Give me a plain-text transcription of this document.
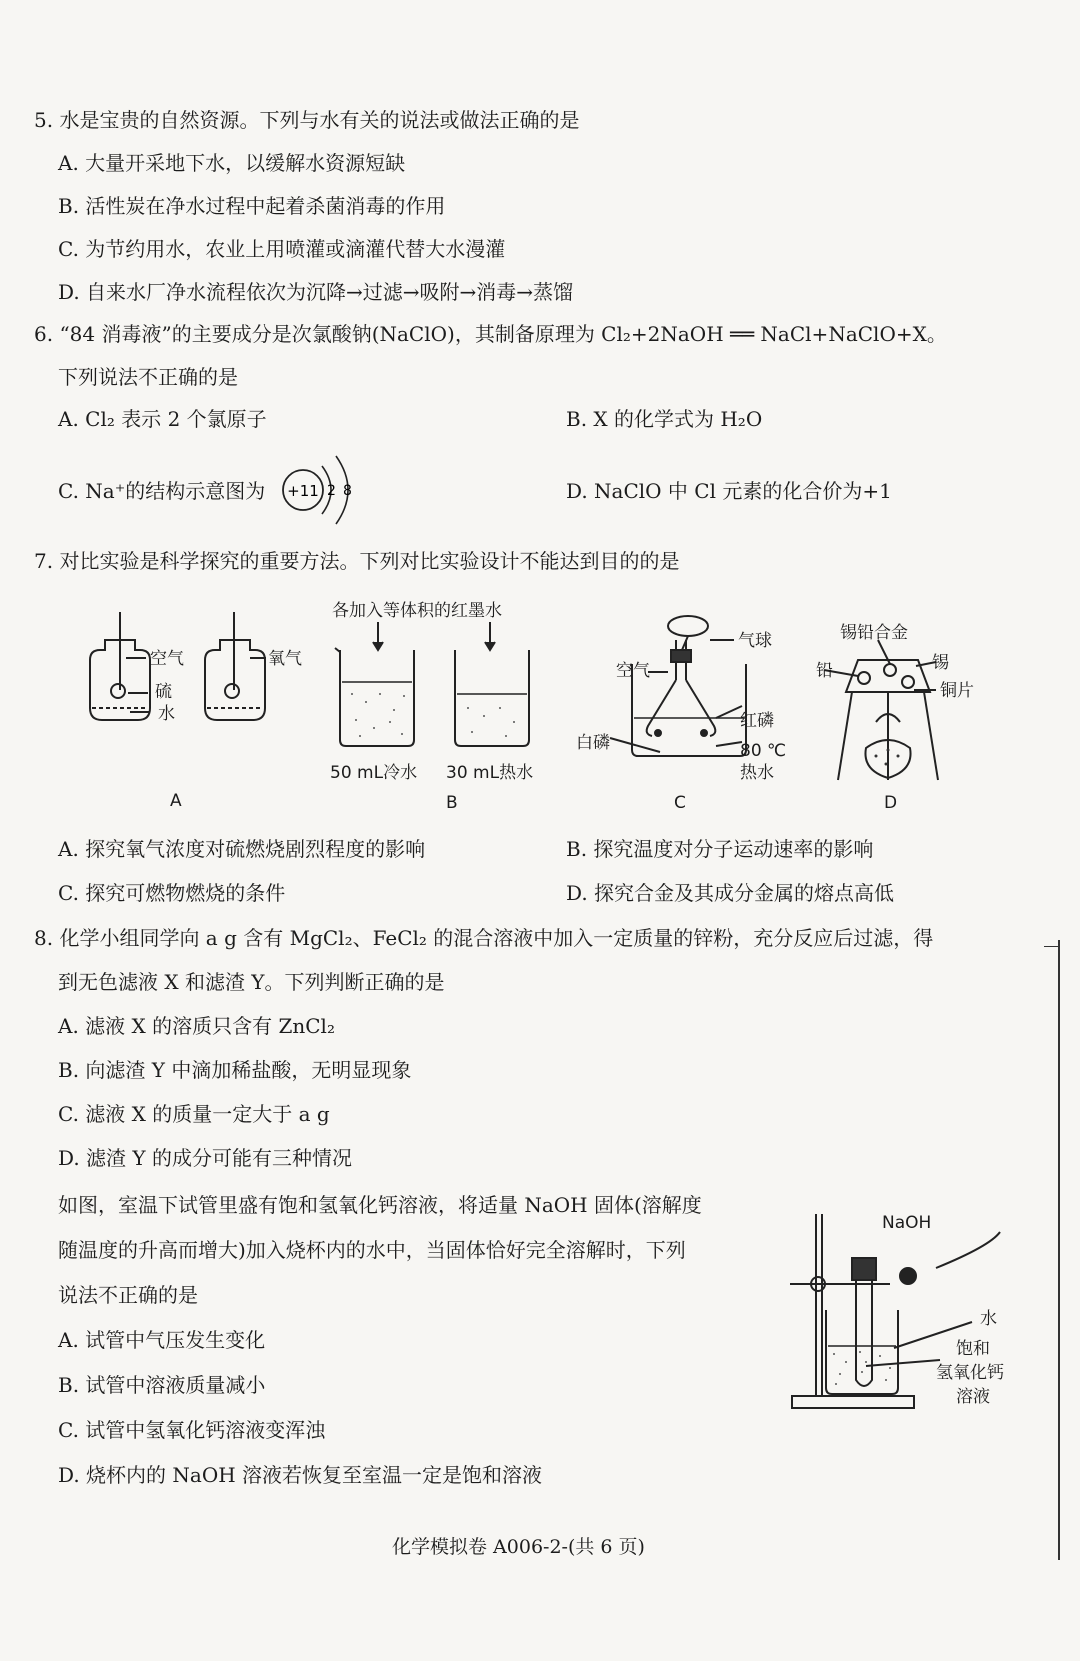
5. 水是宝贵的自然资源。下列与水有关的说法或做法正确的是
A. 大量开采地下水，以缓解水资源短缺
B. 活性炭在净水过程中起着杀菌消毒的作用
C. 为节约用水，农业上用喷灌或滴灌代替大水漫灌
D. 自来水厂净水流程依次为沉降→过滤→吸附→消毒→蒸馏
6. “84 消毒液”的主要成分是次氯酸钠(NaClO)，其制备原理为 Cl₂+2NaOH ══ NaCl+NaClO+X。
下列说法不正确的是
A. Cl₂ 表示 2 个氯原子	B. X 的化学式为 H₂O
C. Na⁺的结构示意图为	D. NaClO 中 Cl 元素的化合价为+1
+11 2 8
7. 对比实验是科学探究的重要方法。下列对比实验设计不能达到目的的是
空气	氧气
硫
水
A
各加入等体积的红墨水
50 mL冷水 30 mL热水
B
气球
空气
红磷
白磷	80 ℃
热水
C
锡铅合金
铅	锡
铜片
D
A. 探究氧气浓度对硫燃烧剧烈程度的影响	B. 探究温度对分子运动速率的影响
C. 探究可燃物燃烧的条件	D. 探究合金及其成分金属的熔点高低
8. 化学小组同学向 a g 含有 MgCl₂、FeCl₂ 的混合溶液中加入一定质量的锌粉，充分反应后过滤，得
到无色滤液 X 和滤渣 Y。下列判断正确的是
A. 滤液 X 的溶质只含有 ZnCl₂
B. 向滤渣 Y 中滴加稀盐酸，无明显现象
C. 滤液 X 的质量一定大于 a g
D. 滤渣 Y 的成分可能有三种情况
如图，室温下试管里盛有饱和氢氧化钙溶液，将适量 NaOH 固体(溶解度
随温度的升高而增大)加入烧杯内的水中，当固体恰好完全溶解时，下列
说法不正确的是
A. 试管中气压发生变化
B. 试管中溶液质量减小
C. 试管中氢氧化钙溶液变浑浊
D. 烧杯内的 NaOH 溶液若恢复至室温一定是饱和溶液
NaOH
水
饱和
氢氧化钙
溶液
化学模拟卷 A006-2-(共 6 页)
